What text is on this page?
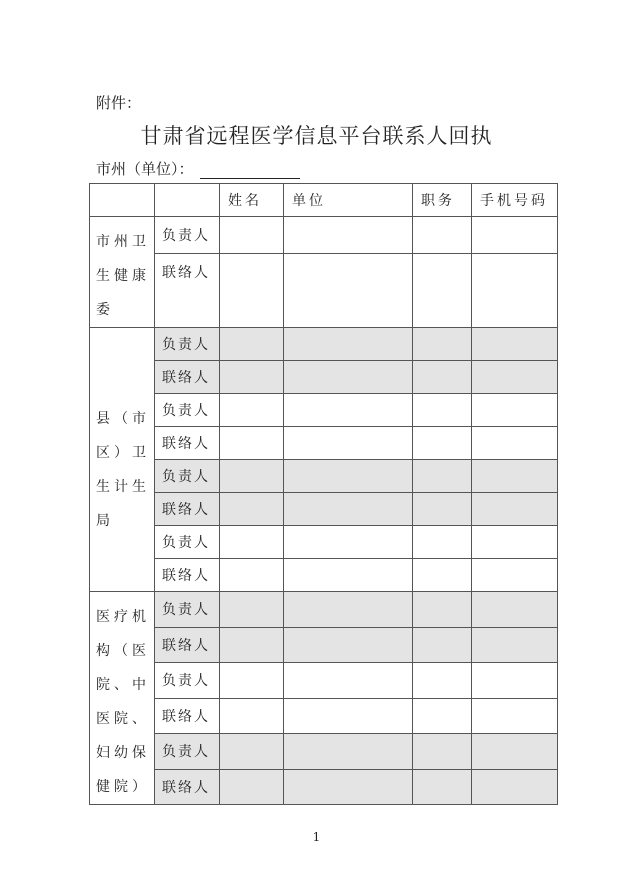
附件：
甘肃省远程医学信息平台联系人回执
市州（单位）：
		姓名	单位	职务	手机号码
市州卫生健康委	负责人				
	联络人				
县（市区）卫生计生局	负责人				
	联络人				
	负责人				
	联络人				
	负责人				
	联络人				
	负责人				
	联络人				
医疗机构（医院、中医院、妇幼保健院）	负责人				
	联络人				
	负责人				
	联络人				
	负责人				
	联络人				
1
